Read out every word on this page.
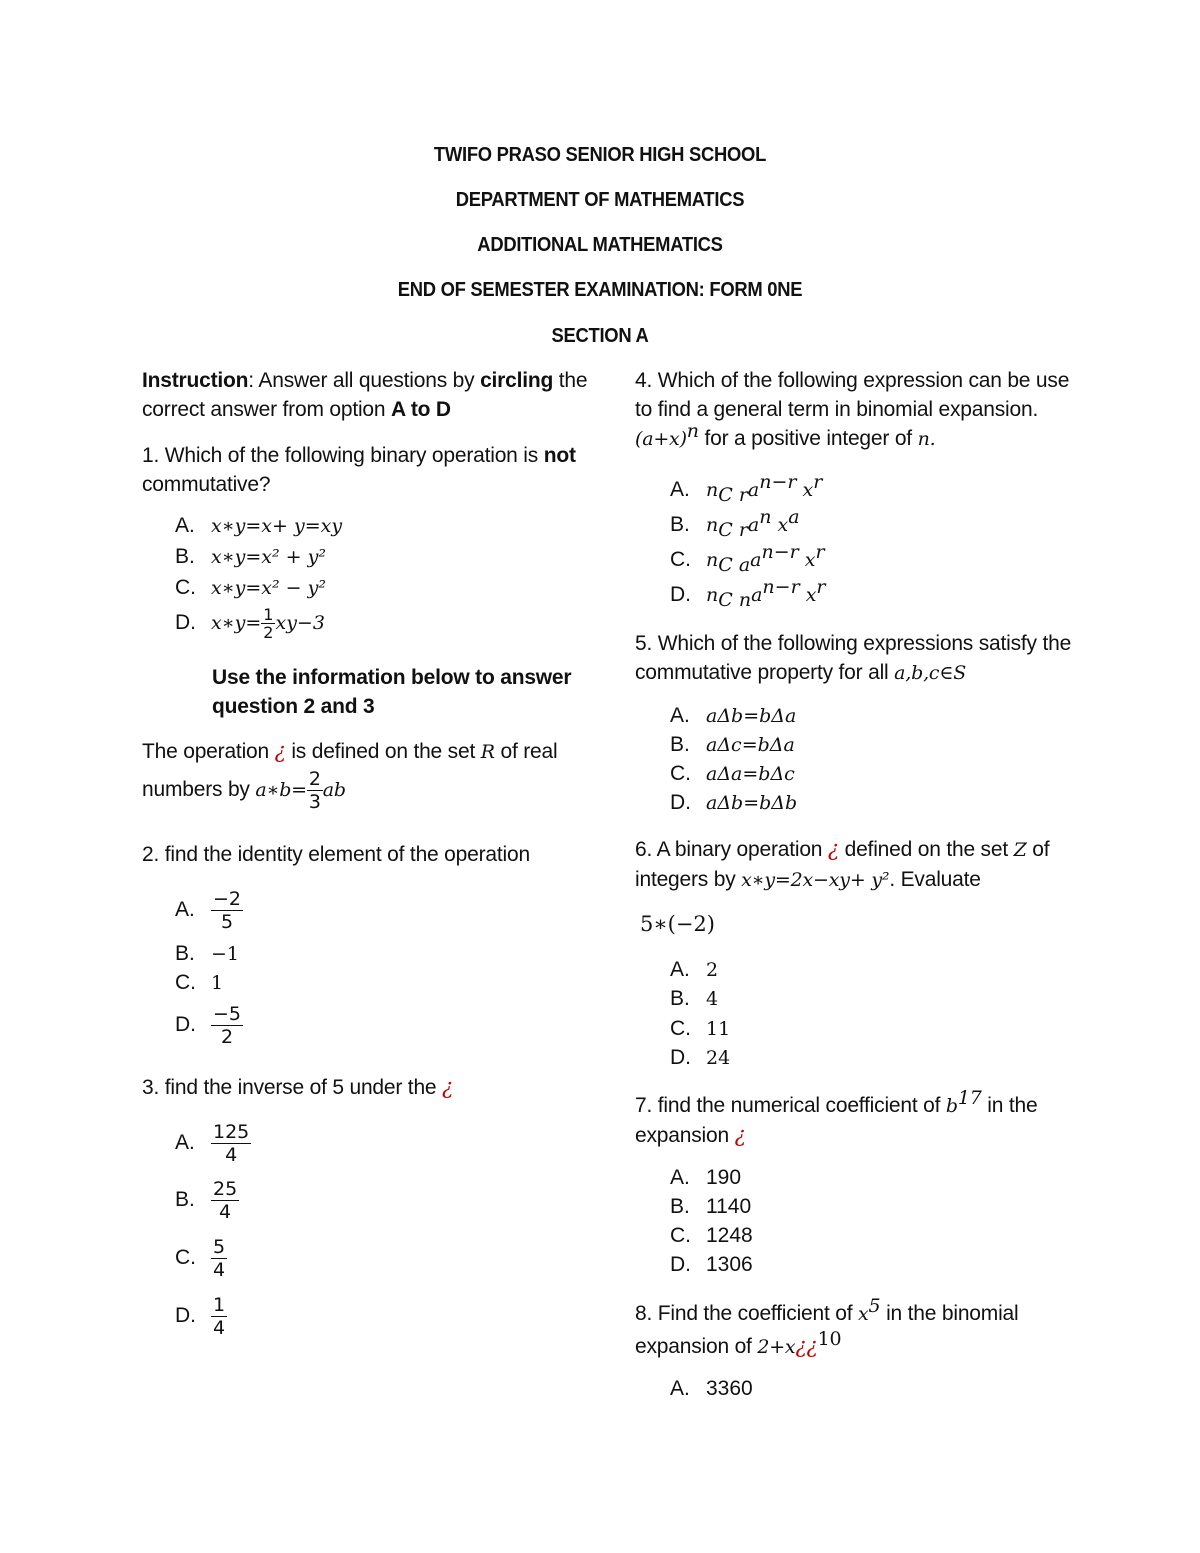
TWIFO PRASO SENIOR HIGH SCHOOL
DEPARTMENT OF MATHEMATICS
ADDITIONAL MATHEMATICS
END OF SEMESTER EXAMINATION: FORM 0NE
SECTION A

Instruction: Answer all questions by circling the correct answer from option A to D

1. Which of the following binary operation is not

commutative?

A. x∗y=x+ y=xy
B. x∗y=x² + y²
C. x∗y=x² − y²
D. x∗y= $\frac{1}{2} xy-3$
Use the information below to answer question 2 and 3

The operation ¿ is defined on the set R of real

numbers by a∗b= $\frac{2}{3}$ ab

2. find the identity element of the operation

A. $\frac{-2}{5}$
B. −1
C. 1
D. $\frac{-5}{2}$

3. find the inverse of 5 under the ¿

A. $\frac{125}{4}$
B. $\frac{25}{4}$
C. $\frac{5}{4}$
D. $\frac{1}{4}$

4. Which of the following expression can be use

to find a general term in binomial expansion.

$(a+x)^n$ for a positive integer of n.

A. $n_{C r}a^{n-r}$ $x^r$
B. $n_{C r}a^n$ $x^a$
C. $n_{C a}a^{n-r}$ $x^r$
D. $n_{C n}a^{n-r}$ $x^r$

5. Which of the following expressions satisfy the

commutative property for all a,b,c∈S

A. aΔb=bΔa
B. aΔc=bΔa
C. aΔa=bΔc
D. aΔb=bΔb

6. A binary operation ¿ defined on the set Z of

integers by x∗y=2x−xy+ y². Evaluate

5∗(−2)
A. 2
B. 4
C. 11
D. 24

7. find the numerical coefficient of $b^{17}$ in the

expansion ¿

A. 190
B. 1140
C. 1248
D. 1306

8. Find the coefficient of $x^5$ in the binomial

expansion of 2+x¿¿$^{10}$

A. 3360
